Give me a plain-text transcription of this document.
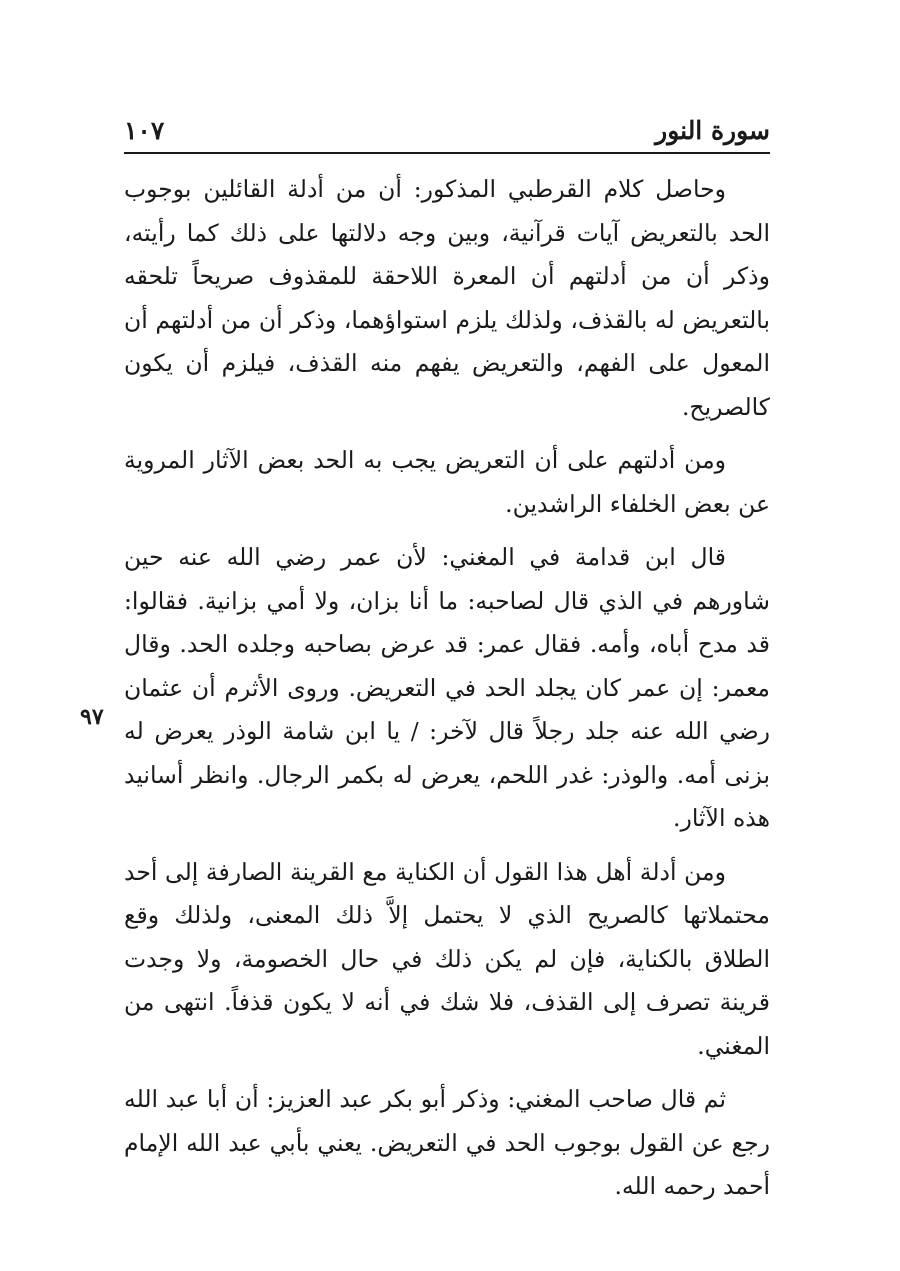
سورة النور
١٠٧
٩٧

وحاصل كلام القرطبي المذكور: أن من أدلة القائلين بوجوب الحد بالتعريض آيات قرآنية، وبين وجه دلالتها على ذلك كما رأيته، وذكر أن من أدلتهم أن المعرة اللاحقة للمقذوف صريحاً تلحقه بالتعريض له بالقذف، ولذلك يلزم استواؤهما، وذكر أن من أدلتهم أن المعول على الفهم، والتعريض يفهم منه القذف، فيلزم أن يكون كالصريح.

ومن أدلتهم على أن التعريض يجب به الحد بعض الآثار المروية عن بعض الخلفاء الراشدين.

قال ابن قدامة في المغني: لأن عمر رضي الله عنه حين شاورهم في الذي قال لصاحبه: ما أنا بزان، ولا أمي بزانية. فقالوا: قد مدح أباه، وأمه. فقال عمر: قد عرض بصاحبه وجلده الحد. وقال معمر: إن عمر كان يجلد الحد في التعريض. وروى الأثرم أن عثمان رضي الله عنه جلد رجلاً قال لآخر: / يا ابن شامة الوذر يعرض له بزنى أمه. والوذر: غدر اللحم، يعرض له بكمر الرجال. وانظر أسانيد هذه الآثار.

ومن أدلة أهل هذا القول أن الكناية مع القرينة الصارفة إلى أحد محتملاتها كالصريح الذي لا يحتمل إلاَّ ذلك المعنى، ولذلك وقع الطلاق بالكناية، فإن لم يكن ذلك في حال الخصومة، ولا وجدت قرينة تصرف إلى القذف، فلا شك في أنه لا يكون قذفاً. انتهى من المغني.

ثم قال صاحب المغني: وذكر أبو بكر عبد العزيز: أن أبا عبد الله رجع عن القول بوجوب الحد في التعريض. يعني بأبي عبد الله الإمام أحمد رحمه الله.
